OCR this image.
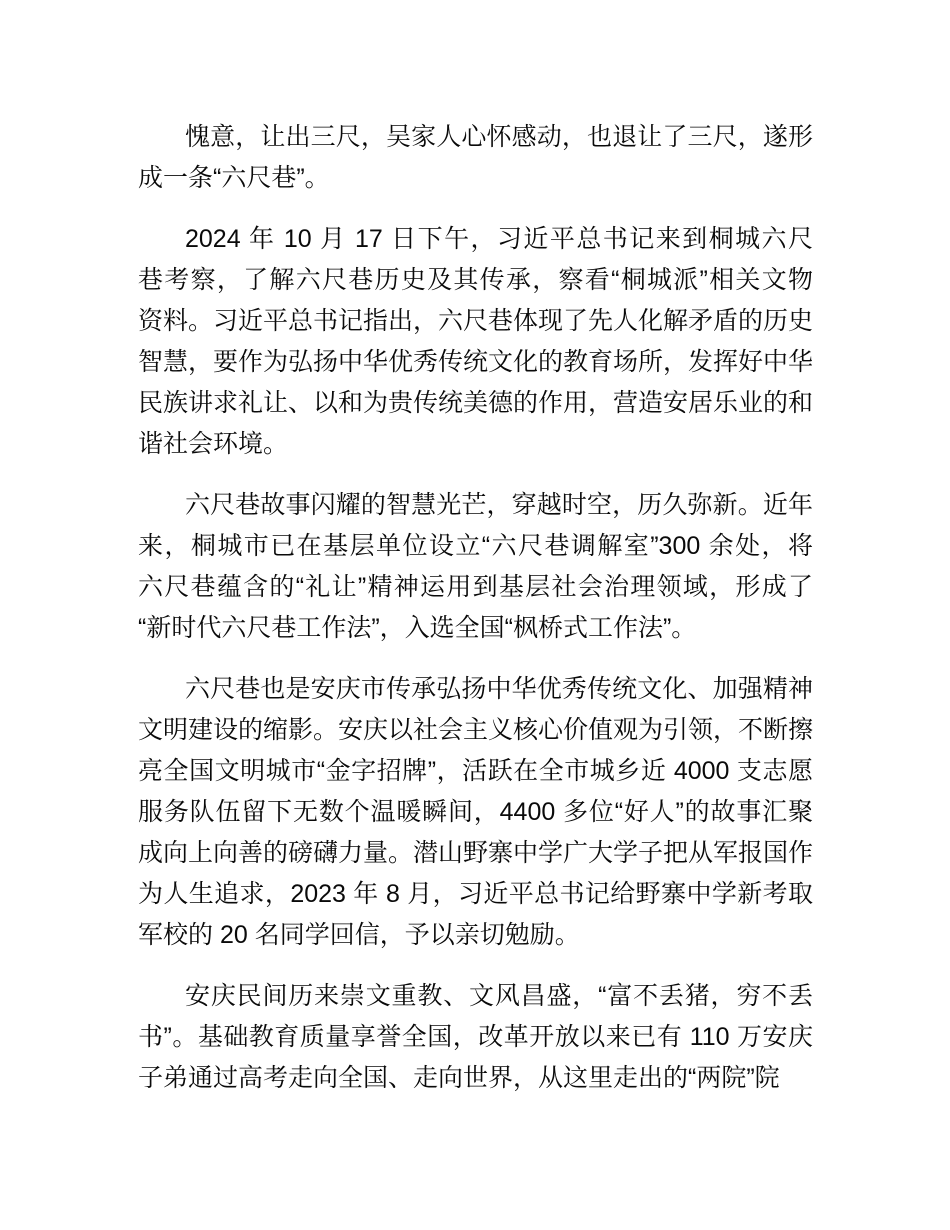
愧意，让出三尺，吴家人心怀感动，也退让了三尺，遂形
成一条“六尺巷”。
2024 年 10 月 17 日下午，习近平总书记来到桐城六尺
巷考察，了解六尺巷历史及其传承，察看“桐城派”相关文物
资料。习近平总书记指出，六尺巷体现了先人化解矛盾的历史
智慧，要作为弘扬中华优秀传统文化的教育场所，发挥好中华
民族讲求礼让、以和为贵传统美德的作用，营造安居乐业的和
谐社会环境。
六尺巷故事闪耀的智慧光芒，穿越时空，历久弥新。近年
来，桐城市已在基层单位设立“六尺巷调解室”300 余处，将
六尺巷蕴含的“礼让”精神运用到基层社会治理领域，形成了
“新时代六尺巷工作法”，入选全国“枫桥式工作法”。
六尺巷也是安庆市传承弘扬中华优秀传统文化、加强精神
文明建设的缩影。安庆以社会主义核心价值观为引领，不断擦
亮全国文明城市“金字招牌”，活跃在全市城乡近 4000 支志愿
服务队伍留下无数个温暖瞬间，4400 多位“好人”的故事汇聚
成向上向善的磅礴力量。潜山野寨中学广大学子把从军报国作
为人生追求，2023 年 8 月，习近平总书记给野寨中学新考取
军校的 20 名同学回信，予以亲切勉励。
安庆民间历来崇文重教、文风昌盛，“富不丢猪，穷不丢
书”。基础教育质量享誉全国，改革开放以来已有 110 万安庆
子弟通过高考走向全国、走向世界，从这里走出的“两院”院
